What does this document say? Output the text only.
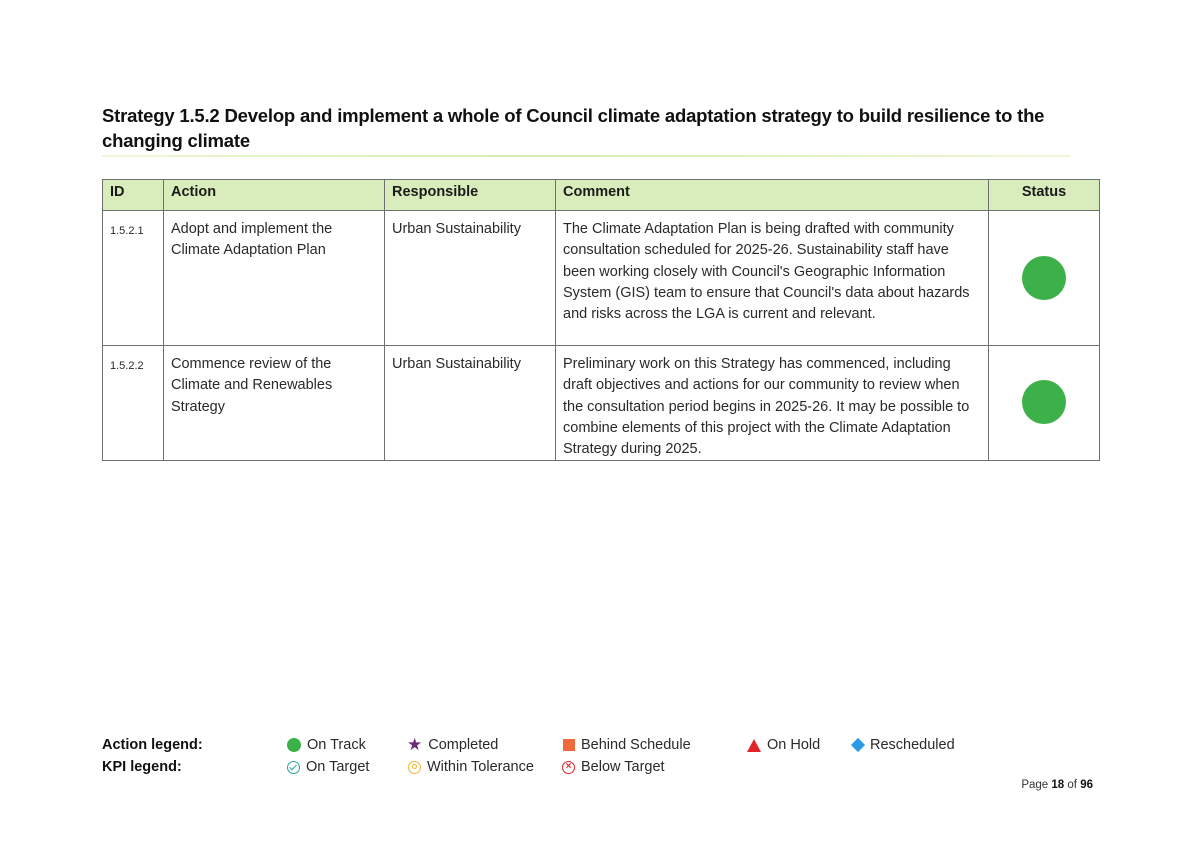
Strategy 1.5.2 Develop and implement a whole of Council climate adaptation strategy to build resilience to the changing climate
ID	Action	Responsible	Comment	Status
1.5.2.1	Adopt and implement the Climate Adaptation Plan	Urban Sustainability	The Climate Adaptation Plan is being drafted with community consultation scheduled for 2025-26. Sustainability staff have been working closely with Council's Geographic Information System (GIS) team to ensure that Council's data about hazards and risks across the LGA is current and relevant.	

1.5.2.2	Commence review of the Climate and Renewables Strategy	Urban Sustainability	Preliminary work on this Strategy has commenced, including draft objectives and actions for our community to review when the consultation period begins in 2025-26. It may be possible to combine elements of this project with the Climate Adaptation Strategy during 2025.	
Action legend:
KPI legend:
On Track ★ Completed	Behind Schedule	On Hold	Rescheduled
On Target	Within Tolerance	× Below Target
Page 18 of 96
